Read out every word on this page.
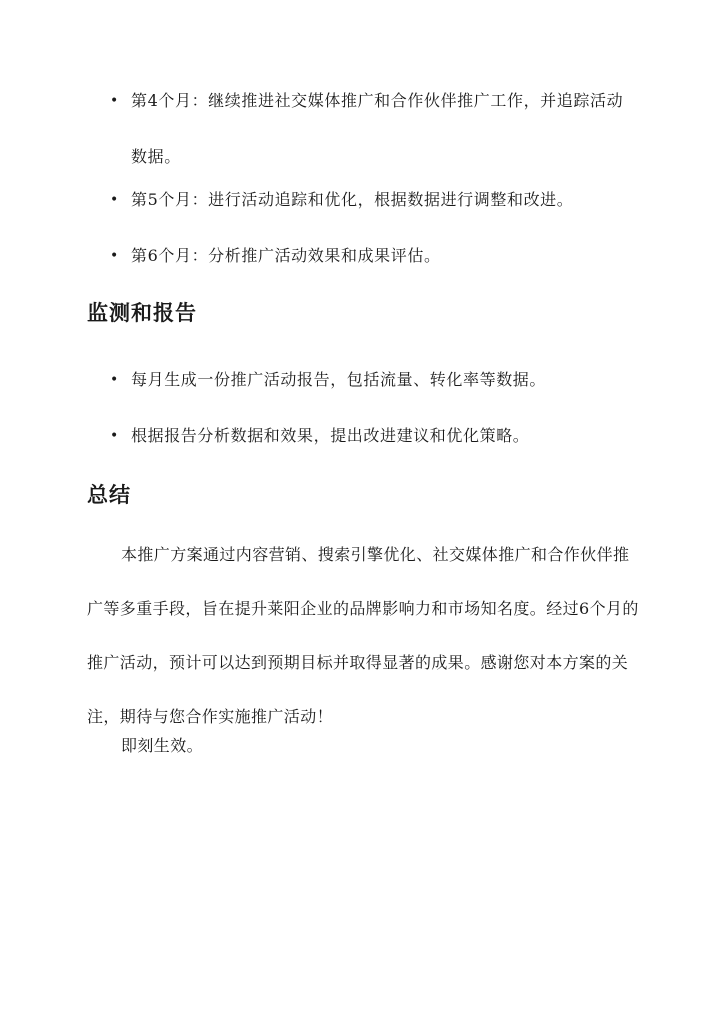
• 第4个月：继续推进社交媒体推广和合作伙伴推广工作，并追踪活动数据。
• 第5个月：进行活动追踪和优化，根据数据进行调整和改进。
• 第6个月：分析推广活动效果和成果评估。
监测和报告
• 每月生成一份推广活动报告，包括流量、转化率等数据。
• 根据报告分析数据和效果，提出改进建议和优化策略。
总结

本推广方案通过内容营销、搜索引擎优化、社交媒体推广和合作伙伴推广等多重手段，旨在提升莱阳企业的品牌影响力和市场知名度。经过6个月的推广活动，预计可以达到预期目标并取得显著的成果。感谢您对本方案的关注，期待与您合作实施推广活动！

即刻生效。
